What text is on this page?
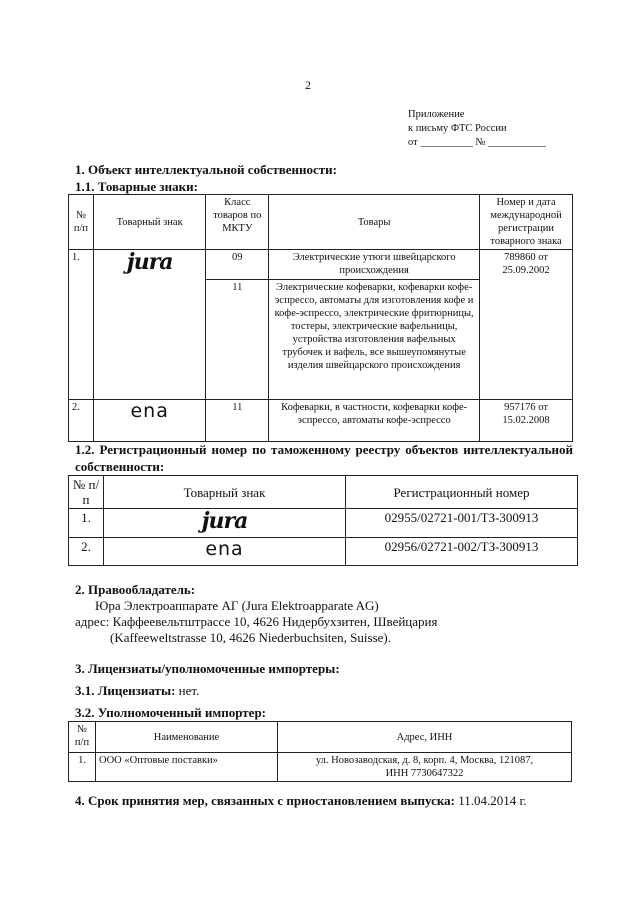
2
Приложение
к письму ФТС России
от __________ № ___________
1. Объект интеллектуальной собственности:
1.1. Товарные знаки:
№ п/п	Товарный знак	Класс товаров по МКТУ	Товары	Номер и дата международной регистрации товарного знака
1.	jura	09	Электрические утюги швейцарского происхождения	789860 от 25.09.2002
		11	Электрические кофеварки, кофеварки кофе-эспрессо, автоматы для изготовления кофе и кофе-эспрессо, электрические фритюрницы, тостеры, электрические вафельницы, устройства изготовления вафельных трубочек и вафель, все вышеупомянутые изделия швейцарского происхождения	
2.	ena	11	Кофеварки, в частности, кофеварки кофе-эспрессо, автоматы кофе-эспрессо	957176 от 15.02.2008
1.2. Регистрационный номер по таможенному реестру объектов интеллектуальной собственности:
№ п/п	Товарный знак	Регистрационный номер
1.	jura	02955/02721-001/ТЗ-300913
2.	ena	02956/02721-002/ТЗ-300913
2. Правообладатель:
Юра Электроаппарате АГ (Jura Elektroapparate AG)
адрес: Каффеевельтштрассе 10, 4626 Нидербухзитен, Швейцария
(Kaffeeweltstrasse 10, 4626 Niederbuchsiten, Suisse).
3. Лицензиаты/уполномоченные импортеры:
3.1. Лицензиаты: нет.
3.2. Уполномоченный импортер:
№ п/п	Наименование	Адрес, ИНН
1.	ООО «Оптовые поставки»	ул. Новозаводская, д. 8, корп. 4, Москва, 121087,
ИНН 7730647322
4. Срок принятия мер, связанных с приостановлением выпуска: 11.04.2014 г.
